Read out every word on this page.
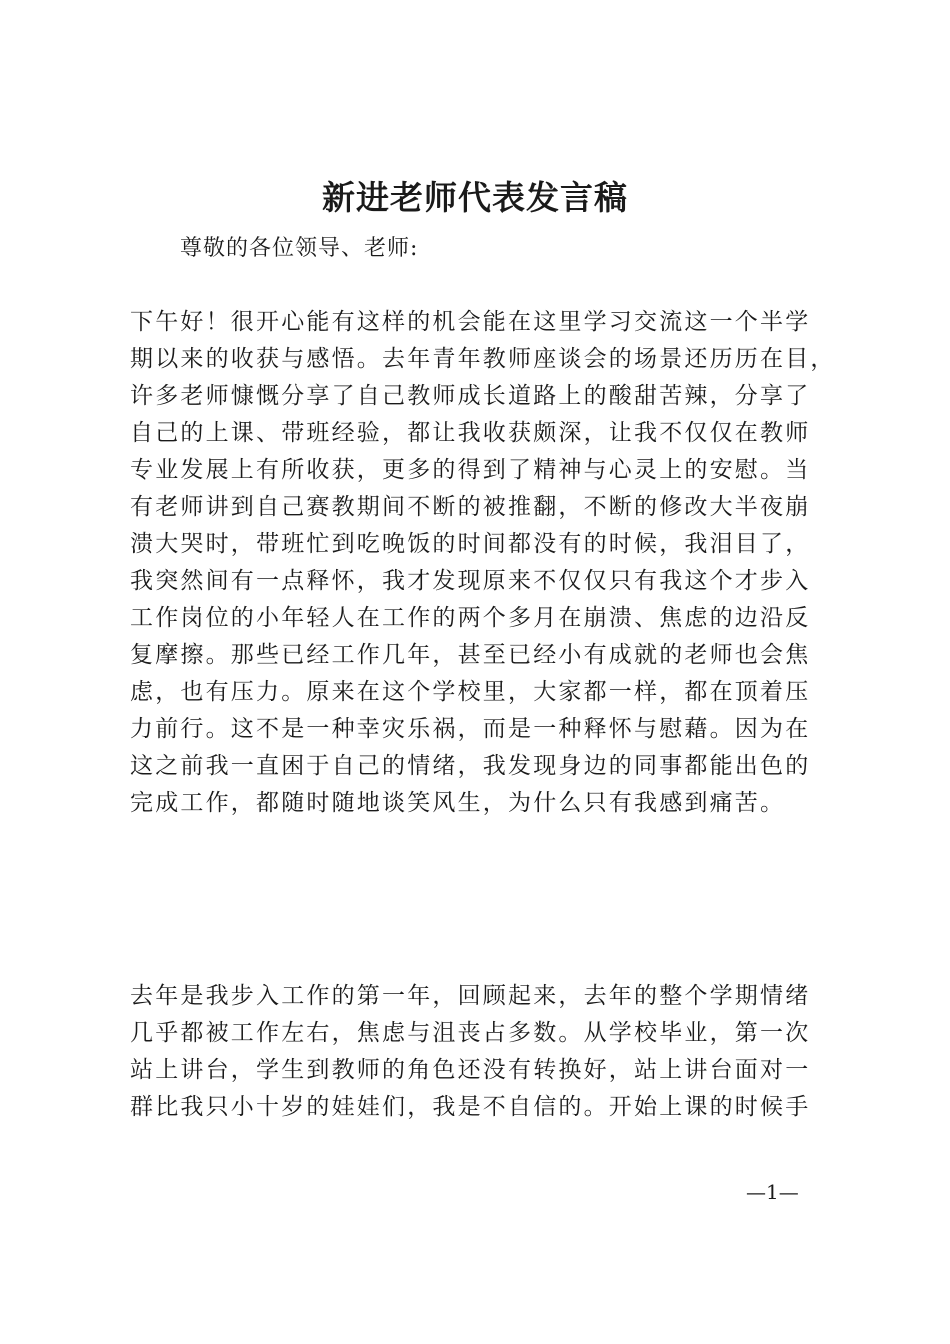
新进老师代表发言稿

尊敬的各位领导、老师:

下午好！很开心能有这样的机会能在这里学习交流这一个半学
期以来的收获与感悟。去年青年教师座谈会的场景还历历在目，
许多老师慷慨分享了自己教师成长道路上的酸甜苦辣，分享了
自己的上课、带班经验，都让我收获颇深，让我不仅仅在教师
专业发展上有所收获，更多的得到了精神与心灵上的安慰。当
有老师讲到自己赛教期间不断的被推翻，不断的修改大半夜崩
溃大哭时，带班忙到吃晚饭的时间都没有的时候，我泪目了，
我突然间有一点释怀，我才发现原来不仅仅只有我这个才步入
工作岗位的小年轻人在工作的两个多月在崩溃、焦虑的边沿反
复摩擦。那些已经工作几年，甚至已经小有成就的老师也会焦
虑，也有压力。原来在这个学校里，大家都一样，都在顶着压
力前行。这不是一种幸灾乐祸，而是一种释怀与慰藉。因为在
这之前我一直困于自己的情绪，我发现身边的同事都能出色的
完成工作，都随时随地谈笑风生，为什么只有我感到痛苦。

去年是我步入工作的第一年，回顾起来，去年的整个学期情绪
几乎都被工作左右，焦虑与沮丧占多数。从学校毕业，第一次
站上讲台，学生到教师的角色还没有转换好，站上讲台面对一
群比我只小十岁的娃娃们，我是不自信的。开始上课的时候手

—1—
